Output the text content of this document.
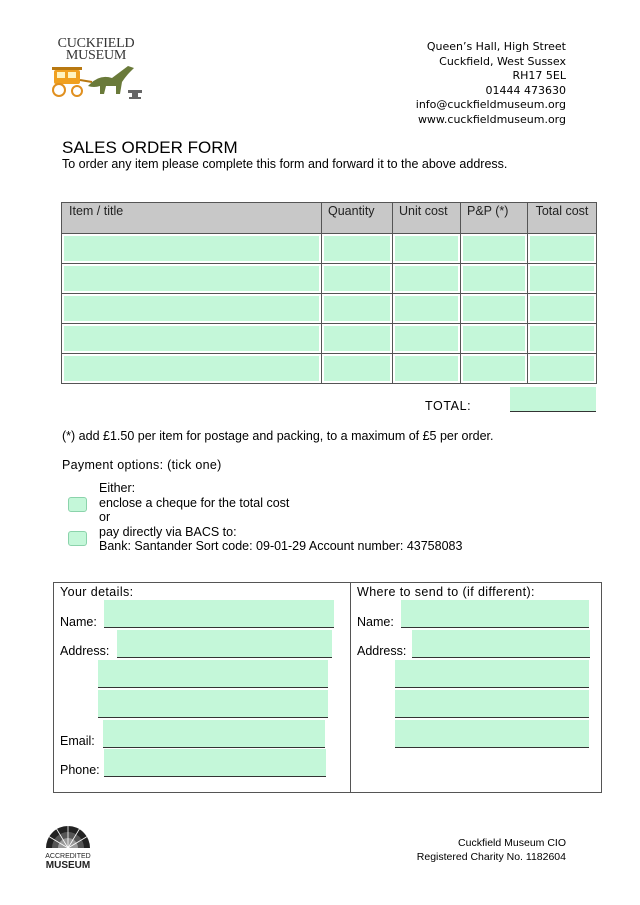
CUCKFIELD
MUSEUM
Queen’s Hall, High Street
Cuckfield, West Sussex
RH17 5EL
01444 473630
info@cuckfieldmuseum.org
www.cuckfieldmuseum.org
SALES ORDER FORM
To order any item please complete this form and forward it to the above address.
Item / title	Quantity	Unit cost	P&P (*)	Total cost
TOTAL:
(*) add £1.50 per item for postage and packing, to a maximum of £5 per order.
Payment options: (tick one)
Either:
enclose a cheque for the total cost
or
pay directly via BACS to:
Bank: Santander Sort code: 09-01-29 Account number: 43758083
Your details:
Name:
Address:
Email:
Phone:
Where to send to (if different):
Name:
Address:
ACCREDITED
MUSEUM
Cuckfield Museum CIO
Registered Charity No. 1182604
